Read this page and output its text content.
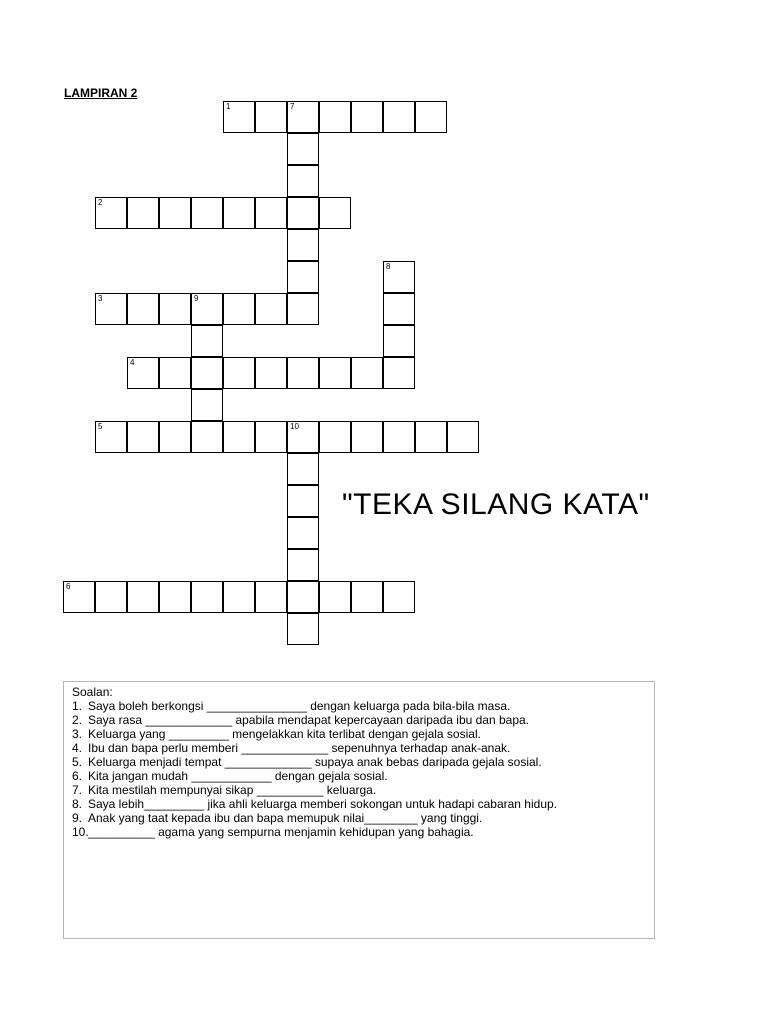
LAMPIRAN 2
1	7
2
3	9
4
5	10
6
8
"TEKA SILANG KATA"
Soalan:
1. Saya boleh berkongsi _______________ dengan keluarga pada bila-bila masa.
2. Saya rasa _____________ apabila mendapat kepercayaan daripada ibu dan bapa.
3. Keluarga yang _________ mengelakkan kita terlibat dengan gejala sosial.
4. Ibu dan bapa perlu memberi _____________ sepenuhnya terhadap anak-anak.
5. Keluarga menjadi tempat _____________ supaya anak bebas daripada gejala sosial.
6. Kita jangan mudah ____________ dengan gejala sosial.
7. Kita mestilah mempunyai sikap __________ keluarga.
8. Saya lebih_________ jika ahli keluarga memberi sokongan untuk hadapi cabaran hidup.
9. Anak yang taat kepada ibu dan bapa memupuk nilai________ yang tinggi.
10. __________ agama yang sempurna menjamin kehidupan yang bahagia.
